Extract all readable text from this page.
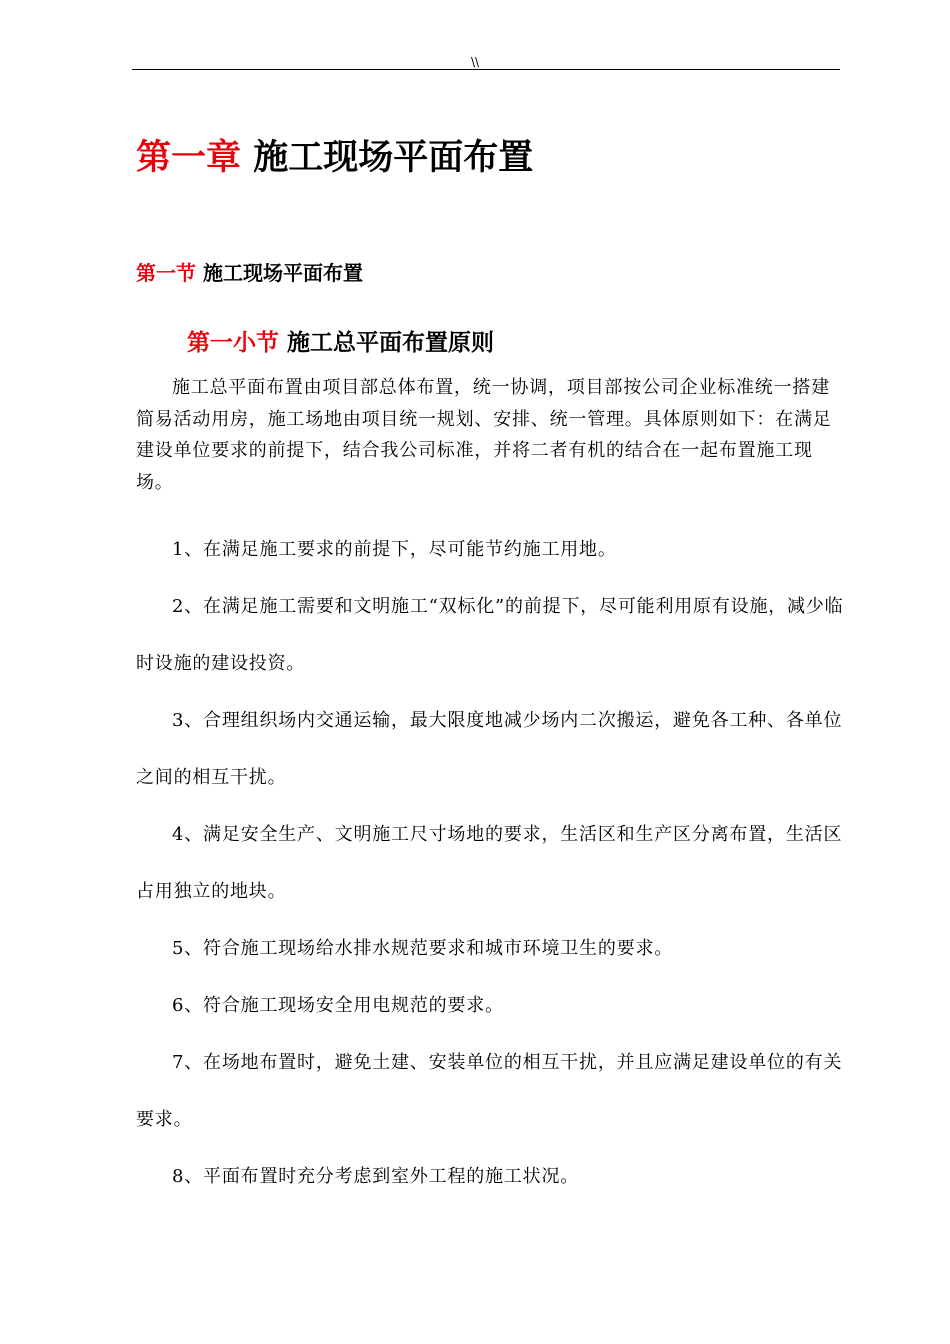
\\
第一章 施工现场平面布置
第一节 施工现场平面布置
第一小节 施工总平面布置原则

施工总平面布置由项目部总体布置，统一协调，项目部按公司企业标准统一搭建简易活动用房，施工场地由项目统一规划、安排、统一管理。具体原则如下：在满足建设单位要求的前提下，结合我公司标准，并将二者有机的结合在一起布置施工现场。

1、在满足施工要求的前提下，尽可能节约施工用地。

2、在满足施工需要和文明施工“双标化”的前提下，尽可能利用原有设施，减少临时设施的建设投资。

3、合理组织场内交通运输，最大限度地减少场内二次搬运，避免各工种、各单位之间的相互干扰。

4、满足安全生产、文明施工尺寸场地的要求，生活区和生产区分离布置，生活区占用独立的地块。

5、符合施工现场给水排水规范要求和城市环境卫生的要求。

6、符合施工现场安全用电规范的要求。

7、在场地布置时，避免土建、安装单位的相互干扰，并且应满足建设单位的有关要求。

8、平面布置时充分考虑到室外工程的施工状况。
